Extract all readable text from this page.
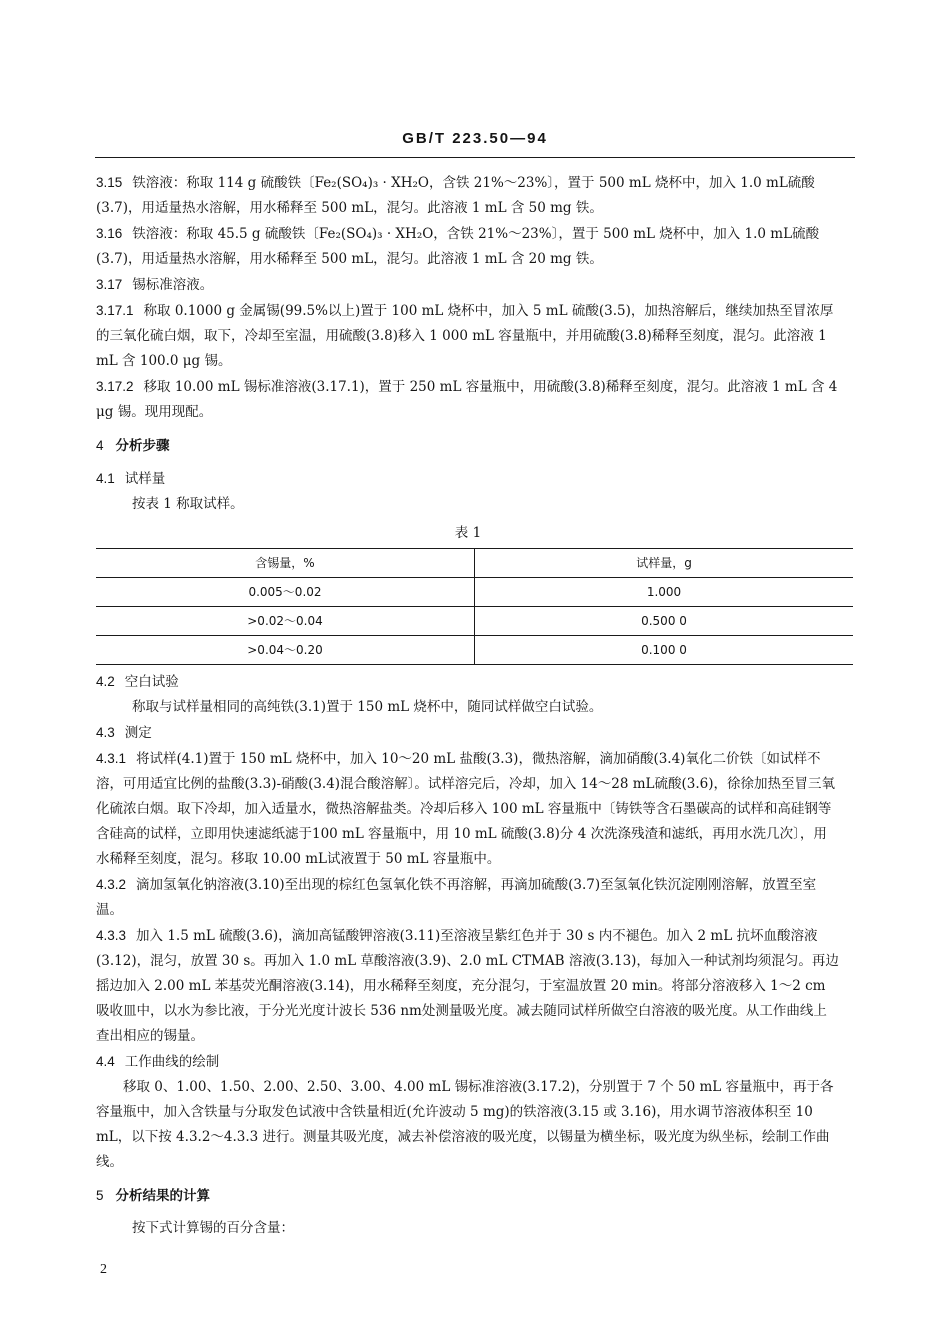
GB/T 223.50—94

3.15 铁溶液：称取 114 g 硫酸铁〔Fe₂(SO₄)₃ · XH₂O，含铁 21%～23%〕，置于 500 mL 烧杯中，加入 1.0 mL硫酸(3.7)，用适量热水溶解，用水稀释至 500 mL，混匀。此溶液 1 mL 含 50 mg 铁。

3.16 铁溶液：称取 45.5 g 硫酸铁〔Fe₂(SO₄)₃ · XH₂O，含铁 21%～23%〕，置于 500 mL 烧杯中，加入 1.0 mL硫酸(3.7)，用适量热水溶解，用水稀释至 500 mL，混匀。此溶液 1 mL 含 20 mg 铁。

3.17 锡标准溶液。

3.17.1 称取 0.1000 g 金属锡(99.5%以上)置于 100 mL 烧杯中，加入 5 mL 硫酸(3.5)，加热溶解后，继续加热至冒浓厚的三氧化硫白烟，取下，冷却至室温，用硫酸(3.8)移入 1 000 mL 容量瓶中，并用硫酸(3.8)稀释至刻度，混匀。此溶液 1 mL 含 100.0 μg 锡。

3.17.2 移取 10.00 mL 锡标准溶液(3.17.1)，置于 250 mL 容量瓶中，用硫酸(3.8)稀释至刻度，混匀。此溶液 1 mL 含 4 μg 锡。现用现配。

4 分析步骤

4.1 试样量

按表 1 称取试样。

表 1

含锡量，%	试样量，g
0.005～0.02	1.000
>0.02～0.04	0.500 0
>0.04～0.20	0.100 0

4.2 空白试验

称取与试样量相同的高纯铁(3.1)置于 150 mL 烧杯中，随同试样做空白试验。

4.3 测定

4.3.1 将试样(4.1)置于 150 mL 烧杯中，加入 10～20 mL 盐酸(3.3)，微热溶解，滴加硝酸(3.4)氧化二价铁〔如试样不溶，可用适宜比例的盐酸(3.3)-硝酸(3.4)混合酸溶解〕。试样溶完后，冷却，加入 14～28 mL硫酸(3.6)，徐徐加热至冒三氧化硫浓白烟。取下冷却，加入适量水，微热溶解盐类。冷却后移入 100 mL 容量瓶中〔铸铁等含石墨碳高的试样和高硅钢等含硅高的试样，立即用快速滤纸滤于100 mL 容量瓶中，用 10 mL 硫酸(3.8)分 4 次洗涤残渣和滤纸，再用水洗几次〕，用水稀释至刻度，混匀。移取 10.00 mL试液置于 50 mL 容量瓶中。

4.3.2 滴加氢氧化钠溶液(3.10)至出现的棕红色氢氧化铁不再溶解，再滴加硫酸(3.7)至氢氧化铁沉淀刚刚溶解，放置至室温。

4.3.3 加入 1.5 mL 硫酸(3.6)，滴加高锰酸钾溶液(3.11)至溶液呈紫红色并于 30 s 内不褪色。加入 2 mL 抗坏血酸溶液(3.12)，混匀，放置 30 s。再加入 1.0 mL 草酸溶液(3.9)、2.0 mL CTMAB 溶液(3.13)，每加入一种试剂均须混匀。再边摇边加入 2.00 mL 苯基荧光酮溶液(3.14)，用水稀释至刻度，充分混匀，于室温放置 20 min。将部分溶液移入 1～2 cm 吸收皿中，以水为参比液，于分光光度计波长 536 nm处测量吸光度。减去随同试样所做空白溶液的吸光度。从工作曲线上查出相应的锡量。

4.4 工作曲线的绘制

移取 0、1.00、1.50、2.00、2.50、3.00、4.00 mL 锡标准溶液(3.17.2)，分别置于 7 个 50 mL 容量瓶中，再于各容量瓶中，加入含铁量与分取发色试液中含铁量相近(允许波动 5 mg)的铁溶液(3.15 或 3.16)，用水调节溶液体积至 10 mL，以下按 4.3.2～4.3.3 进行。测量其吸光度，减去补偿溶液的吸光度，以锡量为横坐标，吸光度为纵坐标，绘制工作曲线。

5 分析结果的计算

按下式计算锡的百分含量：

2
